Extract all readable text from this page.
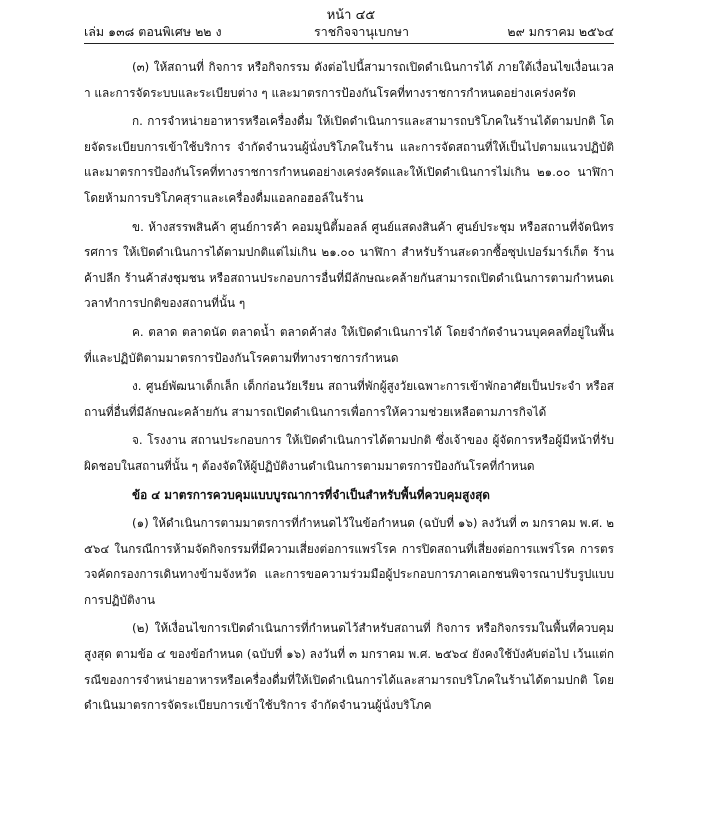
หน้า ๔๕
เล่ม ๑๓๘ ตอนพิเศษ ๒๒ ง	ราชกิจจานุเบกษา	๒๙ มกราคม ๒๕๖๔

(๓) ให้สถานที่ กิจการ หรือกิจกรรม ดังต่อไปนี้สามารถเปิดดำเนินการได้ ภายใต้เงื่อนไขเงื่อนเวลา และการจัดระบบและระเบียบต่าง ๆ และมาตรการป้องกันโรคที่ทางราชการกำหนดอย่างเคร่งครัด

ก. การจำหน่ายอาหารหรือเครื่องดื่ม ให้เปิดดำเนินการและสามารถบริโภคในร้านได้ตามปกติ โดยจัดระเบียบการเข้าใช้บริการ จำกัดจำนวนผู้นั่งบริโภคในร้าน และการจัดสถานที่ให้เป็นไปตามแนวปฏิบัติและมาตรการป้องกันโรคที่ทางราชการกำหนดอย่างเคร่งครัดและให้เปิดดำเนินการไม่เกิน ๒๑.๐๐ นาฬิกา โดยห้ามการบริโภคสุราและเครื่องดื่มแอลกอฮอล์ในร้าน

ข. ห้างสรรพสินค้า ศูนย์การค้า คอมมูนิตี้มอลล์ ศูนย์แสดงสินค้า ศูนย์ประชุม หรือสถานที่จัดนิทรรศการ ให้เปิดดำเนินการได้ตามปกติแต่ไม่เกิน ๒๑.๐๐ นาฬิกา สำหรับร้านสะดวกซื้อซุปเปอร์มาร์เก็ต ร้านค้าปลีก ร้านค้าส่งชุมชน หรือสถานประกอบการอื่นที่มีลักษณะคล้ายกันสามารถเปิดดำเนินการตามกำหนดเวลาทำการปกติของสถานที่นั้น ๆ

ค. ตลาด ตลาดนัด ตลาดน้ำ ตลาดค้าส่ง ให้เปิดดำเนินการได้ โดยจำกัดจำนวนบุคคลที่อยู่ในพื้นที่และปฏิบัติตามมาตรการป้องกันโรคตามที่ทางราชการกำหนด

ง. ศูนย์พัฒนาเด็กเล็ก เด็กก่อนวัยเรียน สถานที่พักผู้สูงวัยเฉพาะการเข้าพักอาศัยเป็นประจำ หรือสถานที่อื่นที่มีลักษณะคล้ายกัน สามารถเปิดดำเนินการเพื่อการให้ความช่วยเหลือตามภารกิจได้

จ. โรงงาน สถานประกอบการ ให้เปิดดำเนินการได้ตามปกติ ซึ่งเจ้าของ ผู้จัดการหรือผู้มีหน้าที่รับผิดชอบในสถานที่นั้น ๆ ต้องจัดให้ผู้ปฏิบัติงานดำเนินการตามมาตรการป้องกันโรคที่กำหนด

ข้อ ๔ มาตรการควบคุมแบบบูรณาการที่จำเป็นสำหรับพื้นที่ควบคุมสูงสุด

(๑) ให้ดำเนินการตามมาตรการที่กำหนดไว้ในข้อกำหนด (ฉบับที่ ๑๖) ลงวันที่ ๓ มกราคม พ.ศ. ๒๕๖๔ ในกรณีการห้ามจัดกิจกรรมที่มีความเสี่ยงต่อการแพร่โรค การปิดสถานที่เสี่ยงต่อการแพร่โรค การตรวจคัดกรองการเดินทางข้ามจังหวัด และการขอความร่วมมือผู้ประกอบการภาคเอกชนพิจารณาปรับรูปแบบการปฏิบัติงาน

(๒) ให้เงื่อนไขการเปิดดำเนินการที่กำหนดไว้สำหรับสถานที่ กิจการ หรือกิจกรรมในพื้นที่ควบคุมสูงสุด ตามข้อ ๔ ของข้อกำหนด (ฉบับที่ ๑๖) ลงวันที่ ๓ มกราคม พ.ศ. ๒๕๖๔ ยังคงใช้บังคับต่อไป เว้นแต่กรณีของการจำหน่ายอาหารหรือเครื่องดื่มที่ให้เปิดดำเนินการได้และสามารถบริโภคในร้านได้ตามปกติ โดยดำเนินมาตรการจัดระเบียบการเข้าใช้บริการ จำกัดจำนวนผู้นั่งบริโภค
